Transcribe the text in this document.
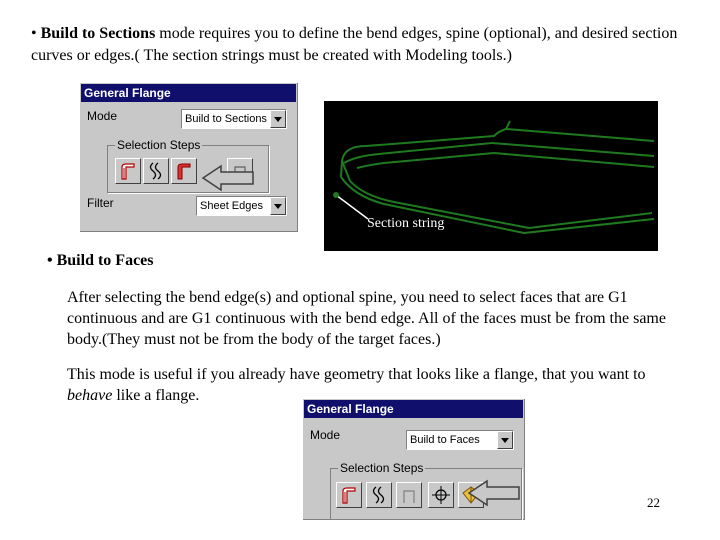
• Build to Sections mode requires you to define the bend edges, spine (optional), and desired section curves or edges.( The section strings must be created with Modeling tools.)
General Flange
Mode	Build to Sections
Selection Steps
Filter	Sheet Edges
Section string
• Build to Faces
After selecting the bend edge(s) and optional spine, you need to select faces that are G1 continuous and are G1 continuous with the bend edge. All of the faces must be from the same body.(They must not be from the body of the target faces.)
This mode is useful if you already have geometry that looks like a flange, that you want to behave like a flange.
General Flange
Mode	Build to Faces
Selection Steps
22
